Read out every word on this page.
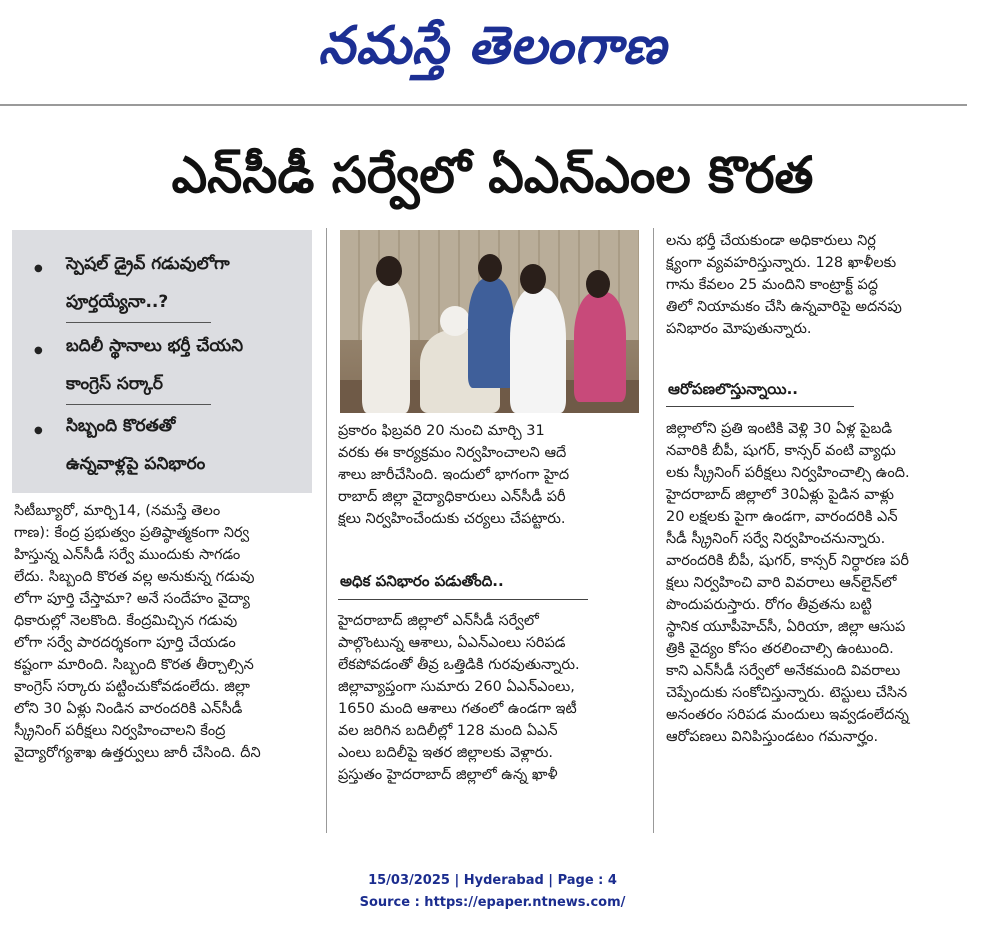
నమస్తే తెలంగాణ
ఎన్‌సీడీ సర్వేలో ఏఎన్‌ఎంల కొరత
● స్పెషల్‌ డ్రైవ్‌ గడువులోగా
పూర్తయ్యేనా..?
● బదిలీ స్థానాలు భర్తీ చేయని
కాంగ్రెస్‌ సర్కార్‌
● సిబ్బంది కొరతతో
ఉన్నవాళ్లపై పనిభారం

సిటీబ్యూరో, మార్చి14, (నమస్తే తెలం

గాణ): కేంద్ర ప్రభుత్వం ప్రతిష్ఠాత్మకంగా నిర్వ

హిస్తున్న ఎన్‌సీడీ సర్వే ముందుకు సాగడం

లేదు. సిబ్బంది కొరత వల్ల అనుకున్న గడువు

లోగా పూర్తి చేస్తామా? అనే సందేహం వైద్యా

ధికారుల్లో నెలకొంది. కేంద్రమిచ్చిన గడువు

లోగా సర్వే పారదర్శకంగా పూర్తి చేయడం

కష్టంగా మారింది. సిబ్బంది కొరత తీర్చాల్సిన

కాంగ్రెస్‌ సర్కారు పట్టించుకోవడంలేదు. జిల్లా

లోని 30 ఏళ్లు నిండిన వారందరికి ఎన్‌సీడీ

స్క్రీనింగ్‌ పరీక్షలు నిర్వహించాలని కేంద్ర

వైద్యారోగ్యశాఖ ఉత్తర్వులు జారీ చేసింది. దీని

ప్రకారం ఫిబ్రవరి 20 నుంచి మార్చి 31

వరకు ఈ కార్యక్రమం నిర్వహించాలని ఆదే

శాలు జారీచేసింది. ఇందులో భాగంగా హైద

రాబాద్‌ జిల్లా వైద్యాధికారులు ఎన్‌సీడీ పరీ

క్షలు నిర్వహించేందుకు చర్యలు చేపట్టారు.

అధిక పనిభారం పడుతోంది..

హైదరాబాద్‌ జిల్లాలో ఎన్‌సీడీ సర్వేలో

పాల్గొంటున్న ఆశాలు, ఏఎన్‌ఎంలు సరిపడ

లేకపోవడంతో తీవ్ర ఒత్తిడికి గురవుతున్నారు.

జిల్లావ్యాప్తంగా సుమారు 260 ఏఎన్‌ఎంలు,

1650 మంది ఆశాలు గతంలో ఉండగా ఇటీ

వల జరిగిన బదిలీల్లో 128 మంది ఏఎన్‌

ఎంలు బదిలీపై ఇతర జిల్లాలకు వెళ్లారు.

ప్రస్తుతం హైదరాబాద్‌ జిల్లాలో ఉన్న ఖాళీ

లను భర్తీ చేయకుండా అధికారులు నిర్ల

క్ష్యంగా వ్యవహరిస్తున్నారు. 128 ఖాళీలకు

గాను కేవలం 25 మందిని కాంట్రాక్ట్‌ పద్ధ

తిలో నియామకం చేసి ఉన్నవారిపై అదనపు

పనిభారం మోపుతున్నారు.

ఆరోపణలొస్తున్నాయి..

జిల్లాలోని ప్రతి ఇంటికి వెళ్లి 30 ఏళ్ల పైబడి

నవారికి బీపీ, షుగర్‌, కాన్సర్‌ వంటి వ్యాధు

లకు స్క్రీనింగ్‌ పరీక్షలు నిర్వహించాల్సి ఉంది.

హైదరాబాద్‌ జిల్లాలో 30ఏళ్లు పైడిన వాళ్లు

20 లక్షలకు పైగా ఉండగా, వారందరికి ఎన్‌

సీడీ స్క్రీనింగ్‌ సర్వే నిర్వహించనున్నారు.

వారందరికి బీపీ, షుగర్‌, కాన్సర్‌ నిర్ధారణ పరీ

క్షలు నిర్వహించి వారి వివరాలు ఆన్‌లైన్‌లో

పొందుపరుస్తారు. రోగం తీవ్రతను బట్టి

స్థానిక యూపీహెచ్‌సీ, ఏరియా, జిల్లా ఆసుప

త్రికి వైద్యం కోసం తరలించాల్సి ఉంటుంది.

కాని ఎన్‌సీడీ సర్వేలో అనేకమంది వివరాలు

చెప్పేందుకు సంకోచిస్తున్నారు. టెస్టులు చేసిన

అనంతరం సరిపడ మందులు ఇవ్వడంలేదన్న

ఆరోపణలు వినిపిస్తుండటం గమనార్హం.

15/03/2025 | Hyderabad | Page : 4
Source : https://epaper.ntnews.com/
